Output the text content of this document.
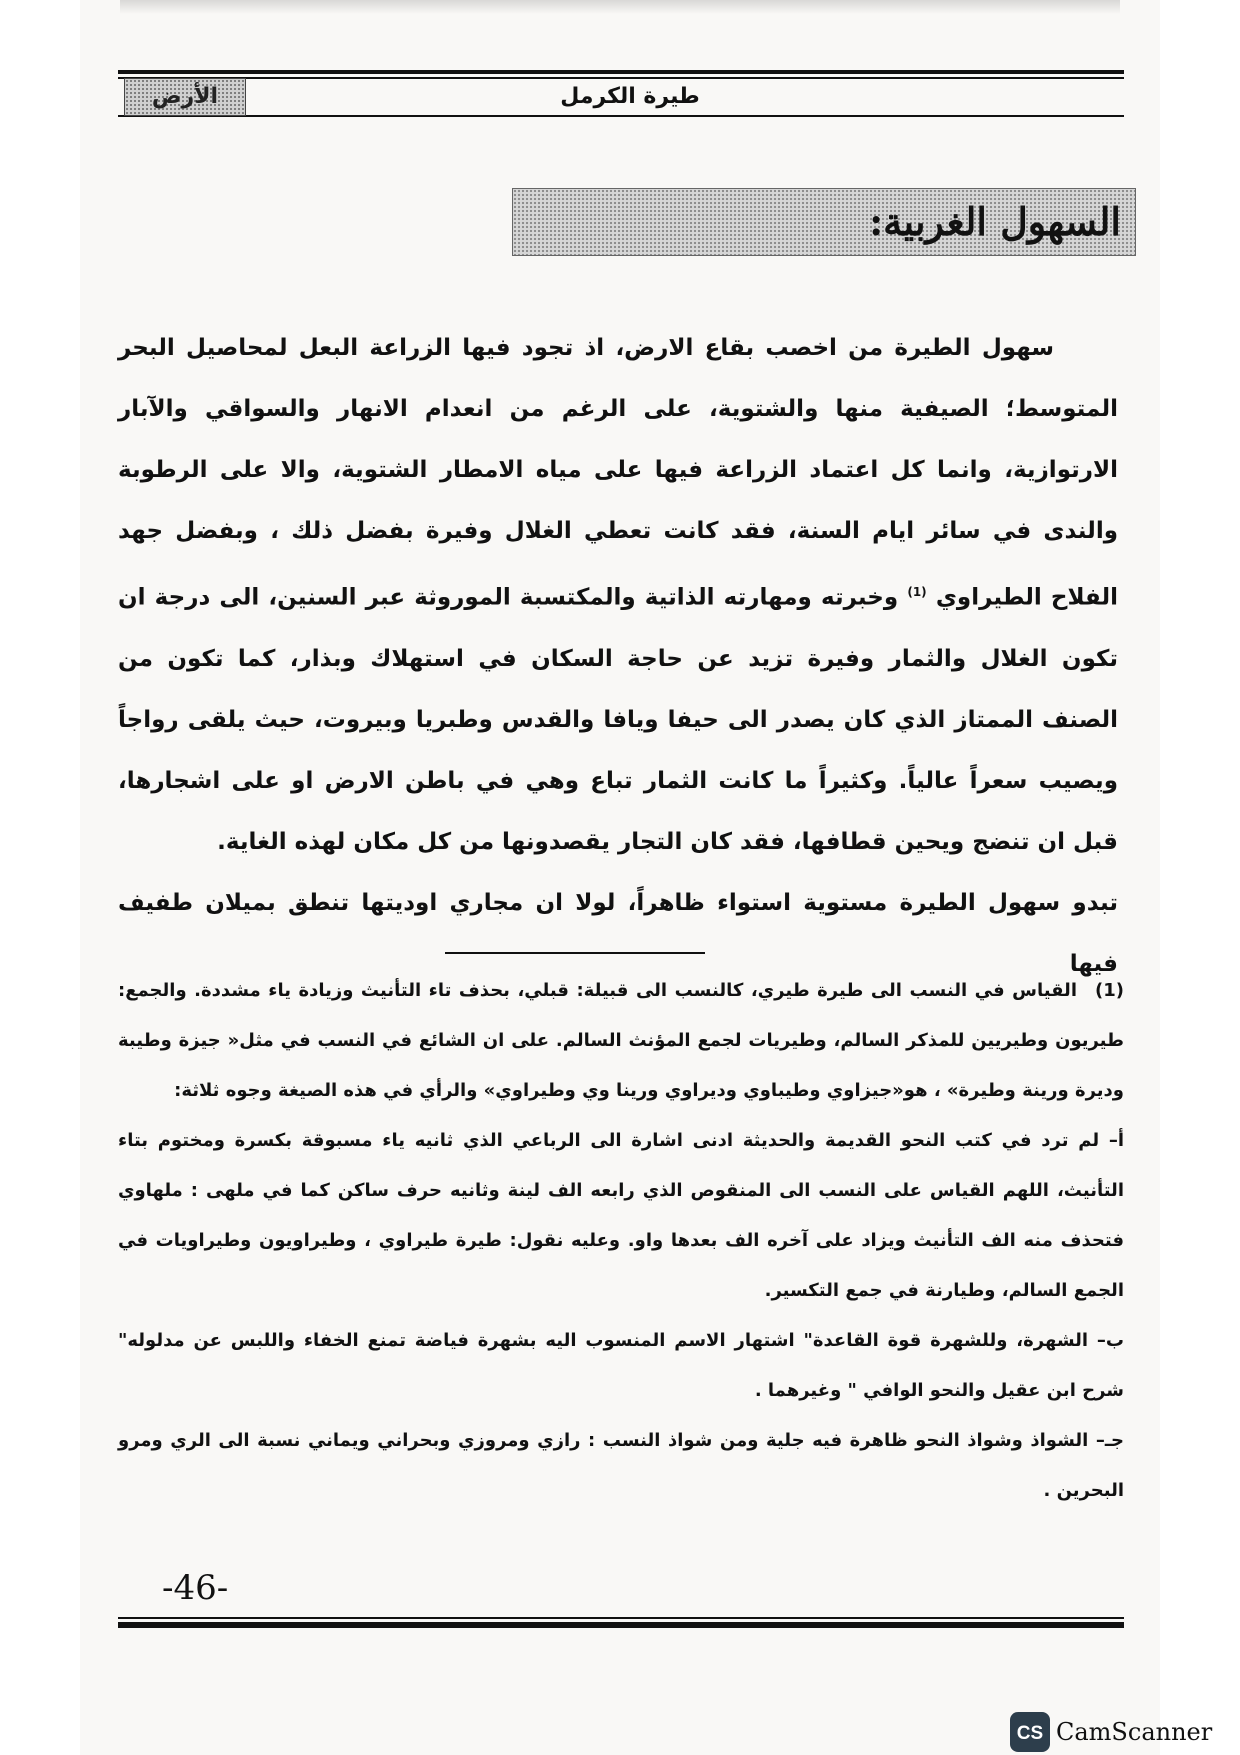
الأرض	طيرة الكرمل
السهول الغربية:

سهول الطيرة من اخصب بقاع الارض، اذ تجود فيها الزراعة البعل لمحاصيل البحر المتوسط؛ الصيفية منها والشتوية، على الرغم من انعدام الانهار والسواقي والآبار الارتوازية، وانما كل اعتماد الزراعة فيها على مياه الامطار الشتوية، والا على الرطوبة والندى في سائر ايام السنة، فقد كانت تعطي الغلال وفيرة بفضل ذلك ، وبفضل جهد الفلاح الطيراوي $^{(1)}$ وخبرته ومهارته الذاتية والمكتسبة الموروثة عبر السنين، الى درجة ان تكون الغلال والثمار وفيرة تزيد عن حاجة السكان في استهلاك وبذار، كما تكون من الصنف الممتاز الذي كان يصدر الى حيفا ويافا والقدس وطبريا وبيروت، حيث يلقى رواجاً ويصيب سعراً عالياً. وكثيراً ما كانت الثمار تباع وهي في باطن الارض او على اشجارها، قبل ان تنضج ويحين قطافها، فقد كان التجار يقصدونها من كل مكان لهذه الغاية.

تبدو سهول الطيرة مستوية استواء ظاهراً، لولا ان مجاري اوديتها تنطق بميلان طفيف فيها

(1)القياس في النسب الى طيرة طيري، كالنسب الى قبيلة: قبلي، بحذف تاء التأنيث وزيادة ياء مشددة. والجمع: طيريون وطيريين للمذكر السالم، وطيريات لجمع المؤنث السالم. على ان الشائع في النسب في مثل« جيزة وطيبة وديرة ورينة وطيرة» ، هو«جيزاوي وطيباوي وديراوي ورينا وي وطيراوي» والرأي في هذه الصيغة وجوه ثلاثة:

أ– لم ترد في كتب النحو القديمة والحديثة ادنى اشارة الى الرباعي الذي ثانيه ياء مسبوقة بكسرة ومختوم بتاء التأنيث، اللهم القياس على النسب الى المنقوص الذي رابعه الف لينة وثانيه حرف ساكن كما في ملهى : ملهاوي فتحذف منه الف التأنيث ويزاد على آخره الف بعدها واو. وعليه نقول: طيرة طيراوي ، وطيراويون وطيراويات في الجمع السالم، وطيارنة في جمع التكسير.

ب– الشهرة، وللشهرة قوة القاعدة" اشتهار الاسم المنسوب اليه بشهرة فياضة تمنع الخفاء واللبس عن مدلوله" شرح ابن عقيل والنحو الوافي " وغيرهما .

جـ– الشواذ وشواذ النحو ظاهرة فيه جلية ومن شواذ النسب : رازي ومروزي وبحراني ويماني نسبة الى الري ومرو البحرين .

-46-
CS CamScanner
